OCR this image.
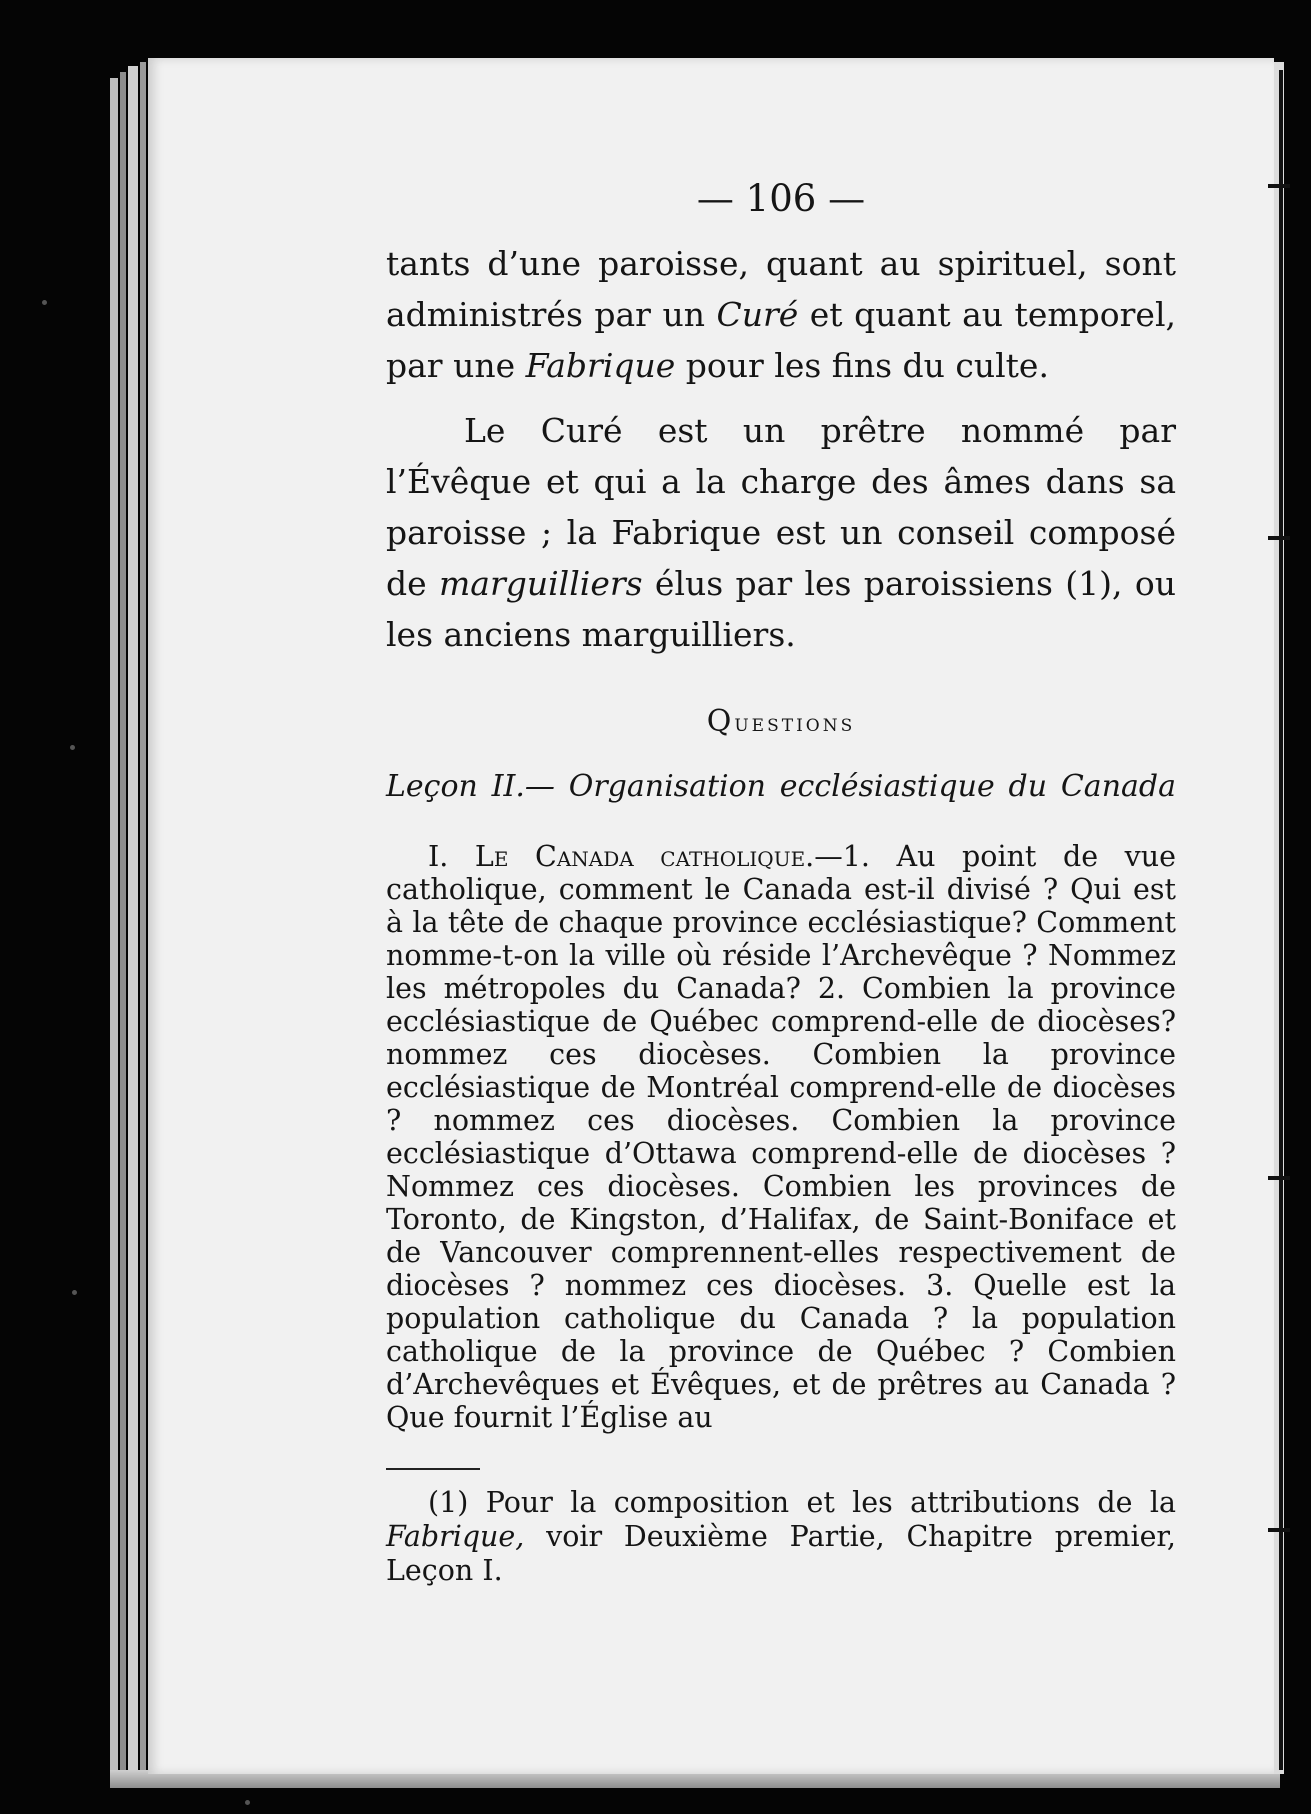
— 106 —

tants d’une paroisse, quant au spirituel, sont administrés par un Curé et quant au temporel, par une Fabrique pour les fins du culte.

Le Curé est un prêtre nommé par l’Évêque et qui a la charge des âmes dans sa paroisse ; la Fabrique est un conseil composé de marguilliers élus par les paroissiens (1), ou les anciens marguilliers.

Questions
Leçon II.— Organisation ecclésiastique du Canada

I. Le Canada catholique.—1. Au point de vue catholique, comment le Canada est-il divisé ? Qui est à la tête de chaque province ecclésiastique? Comment nomme-t-on la ville où réside l’Archevêque ? Nommez les métropoles du Canada? 2. Combien la province ecclésiastique de Québec comprend-elle de diocèses? nommez ces diocèses. Combien la province ecclésiastique de Montréal comprend-elle de diocèses ? nommez ces diocèses. Combien la province ecclésiastique d’Ottawa comprend-elle de diocèses ? Nommez ces diocèses. Combien les provinces de Toronto, de Kingston, d’Halifax, de Saint-Boniface et de Vancouver comprennent-elles respectivement de diocèses ? nommez ces diocèses. 3. Quelle est la population catholique du Canada ? la population catholique de la province de Québec ? Combien d’Archevêques et Évêques, et de prêtres au Canada ? Que fournit l’Église au

(1) Pour la composition et les attributions de la Fabrique, voir Deuxième Partie, Chapitre premier, Leçon I.
